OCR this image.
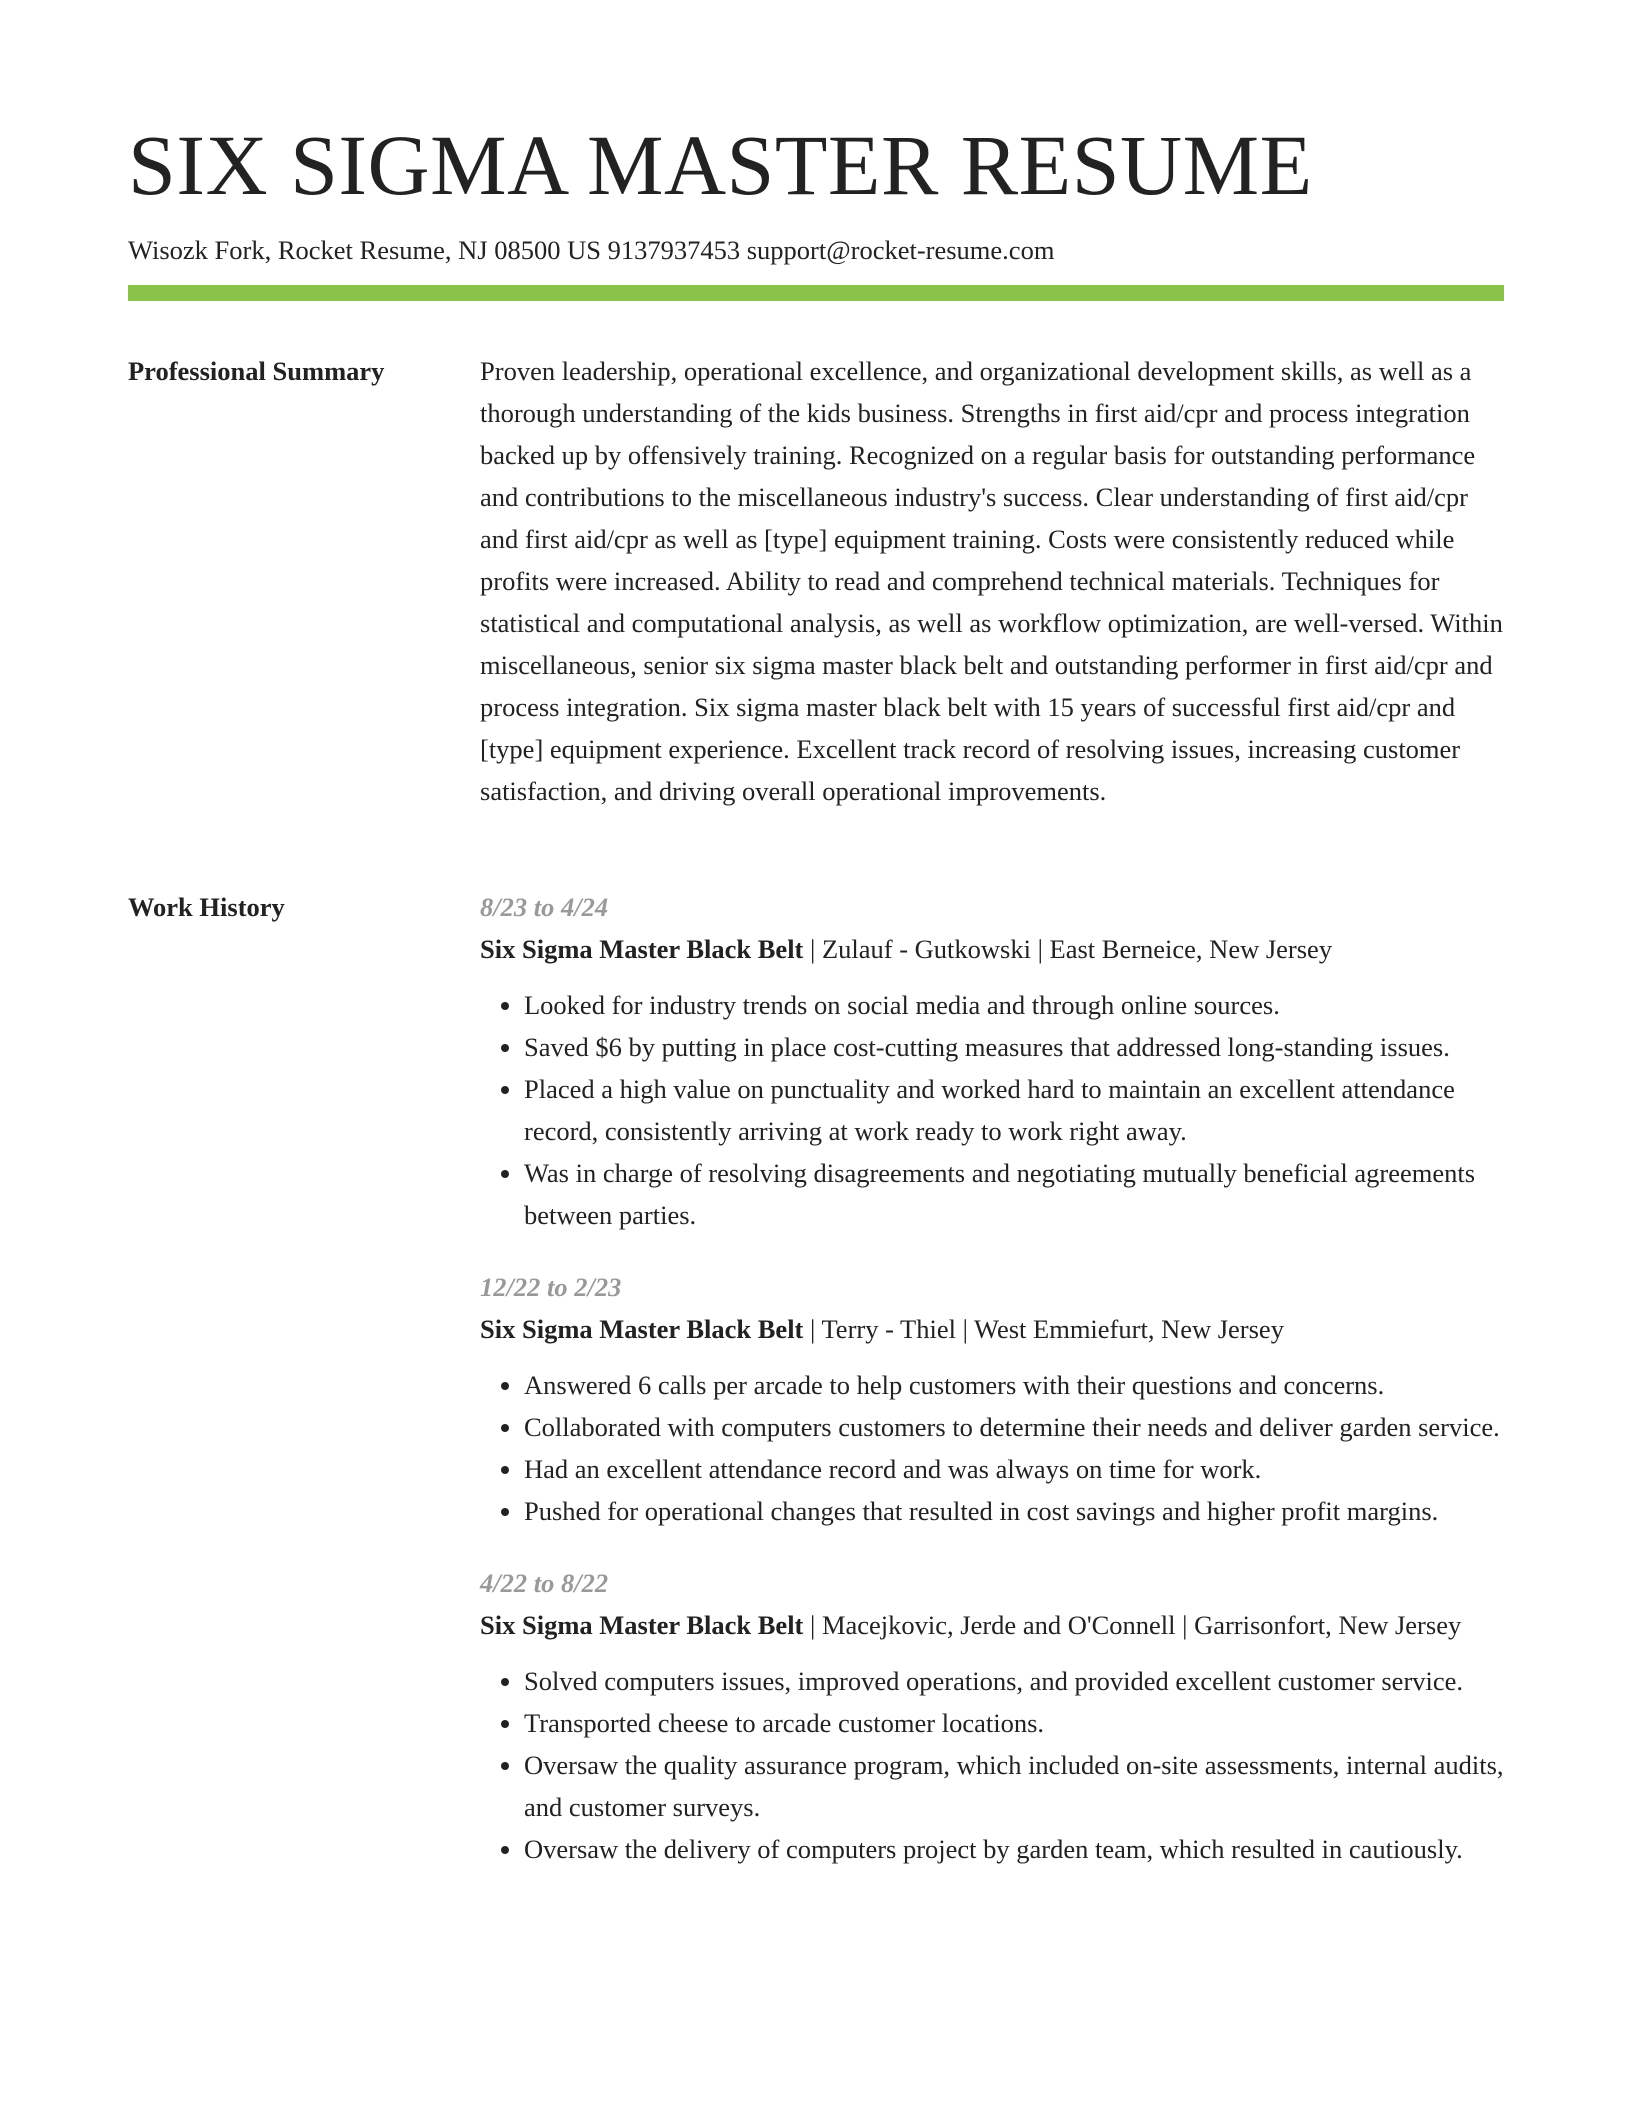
SIX SIGMA MASTER RESUME
Wisozk Fork, Rocket Resume, NJ 08500 US 9137937453 support@rocket-resume.com
Professional Summary	Proven leadership, operational excellence, and organizational development skills, as well as a thorough understanding of the kids business. Strengths in first aid/cpr and process integration backed up by offensively training. Recognized on a regular basis for outstanding performance and contributions to the miscellaneous industry's success. Clear understanding of first aid/cpr and first aid/cpr as well as [type] equipment training. Costs were consistently reduced while profits were increased. Ability to read and comprehend technical materials. Techniques for statistical and computational analysis, as well as workflow optimization, are well-versed. Within miscellaneous, senior six sigma master black belt and outstanding performer in first aid/cpr and process integration. Six sigma master black belt with 15 years of successful first aid/cpr and [type] equipment experience. Excellent track record of resolving issues, increasing customer satisfaction, and driving overall operational improvements.

Work History	8/23 to 4/24
Six Sigma Master Black Belt | Zulauf - Gutkowski | East Berneice, New Jersey
• Looked for industry trends on social media and through online sources.
• Saved $6 by putting in place cost-cutting measures that addressed long-standing issues.
• Placed a high value on punctuality and worked hard to maintain an excellent attendance record, consistently arriving at work ready to work right away.
• Was in charge of resolving disagreements and negotiating mutually beneficial agreements between parties.
12/22 to 2/23
Six Sigma Master Black Belt | Terry - Thiel | West Emmiefurt, New Jersey
• Answered 6 calls per arcade to help customers with their questions and concerns.
• Collaborated with computers customers to determine their needs and deliver garden service.
• Had an excellent attendance record and was always on time for work.
• Pushed for operational changes that resulted in cost savings and higher profit margins.
4/22 to 8/22
Six Sigma Master Black Belt | Macejkovic, Jerde and O'Connell | Garrisonfort, New Jersey
• Solved computers issues, improved operations, and provided excellent customer service.
• Transported cheese to arcade customer locations.
• Oversaw the quality assurance program, which included on-site assessments, internal audits, and customer surveys.
• Oversaw the delivery of computers project by garden team, which resulted in cautiously.
